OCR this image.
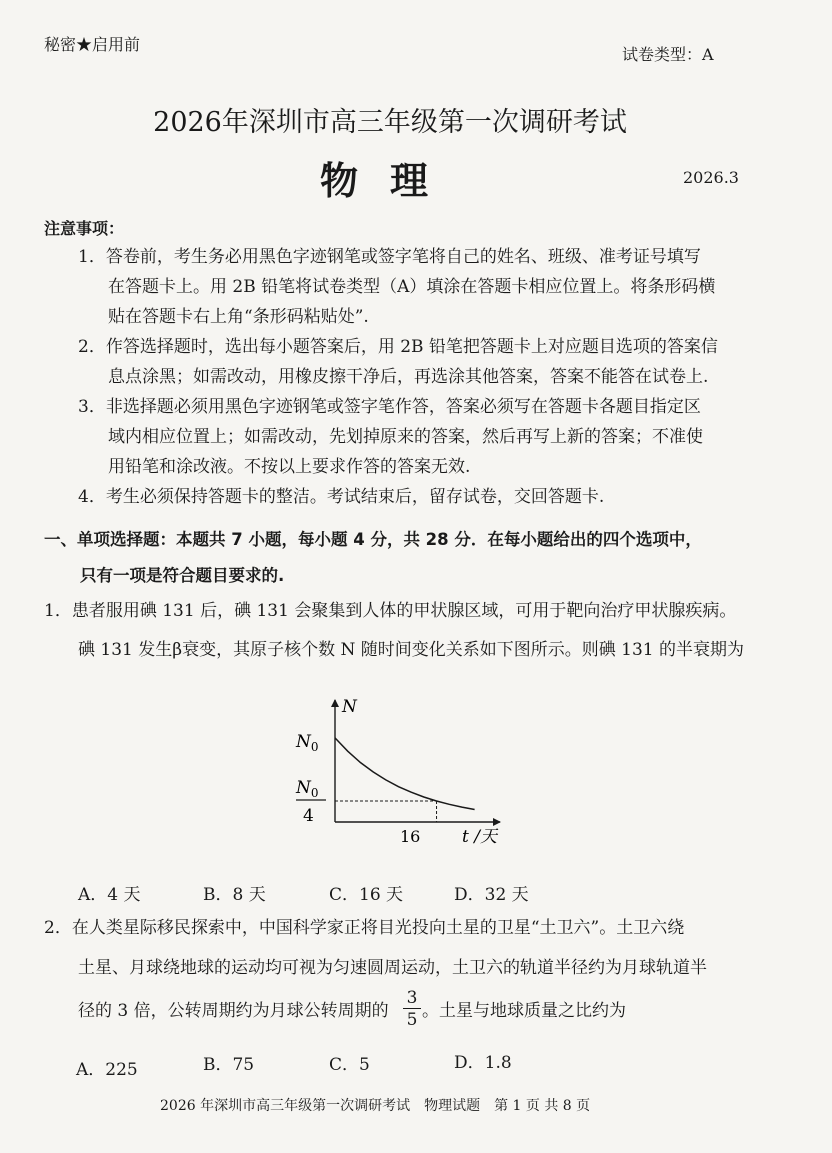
秘密★启用前
试卷类型：A
2026年深圳市高三年级第一次调研考试
物理	2026.3
注意事项：
1．答卷前，考生务必用黑色字迹钢笔或签字笔将自己的姓名、班级、准考证号填写
在答题卡上。用 2B 铅笔将试卷类型（A）填涂在答题卡相应位置上。将条形码横
贴在答题卡右上角“条形码粘贴处”.
2．作答选择题时，选出每小题答案后，用 2B 铅笔把答题卡上对应题目选项的答案信
息点涂黑；如需改动，用橡皮擦干净后，再选涂其他答案，答案不能答在试卷上.
3．非选择题必须用黑色字迹钢笔或签字笔作答，答案必须写在答题卡各题目指定区
域内相应位置上；如需改动，先划掉原来的答案，然后再写上新的答案；不准使
用铅笔和涂改液。不按以上要求作答的答案无效.
4．考生必须保持答题卡的整洁。考试结束后，留存试卷，交回答题卡.
一、单项选择题：本题共 7 小题，每小题 4 分，共 28 分．在每小题给出的四个选项中，
只有一项是符合题目要求的.
1．患者服用碘 131 后，碘 131 会聚集到人体的甲状腺区域，可用于靶向治疗甲状腺疾病。
碘 131 发生β衰变，其原子核个数 N 随时间变化关系如下图所示。则碘 131 的半衰期为
N
$N_0$
$N_0$
4
16 t /天
A．4 天	B．8 天	C．16 天	D．32 天
2．在人类星际移民探索中，中国科学家正将目光投向土星的卫星“土卫六”。土卫六绕
土星、月球绕地球的运动均可视为匀速圆周运动，土卫六的轨道半径约为月球轨道半
径的 3 倍，公转周期约为月球公转周期的 $\frac{3}{5}$ 。土星与地球质量之比约为
A．225	B．75	C．5	D．1.8
2026 年深圳市高三年级第一次调研考试　物理试题　第 1 页 共 8 页
